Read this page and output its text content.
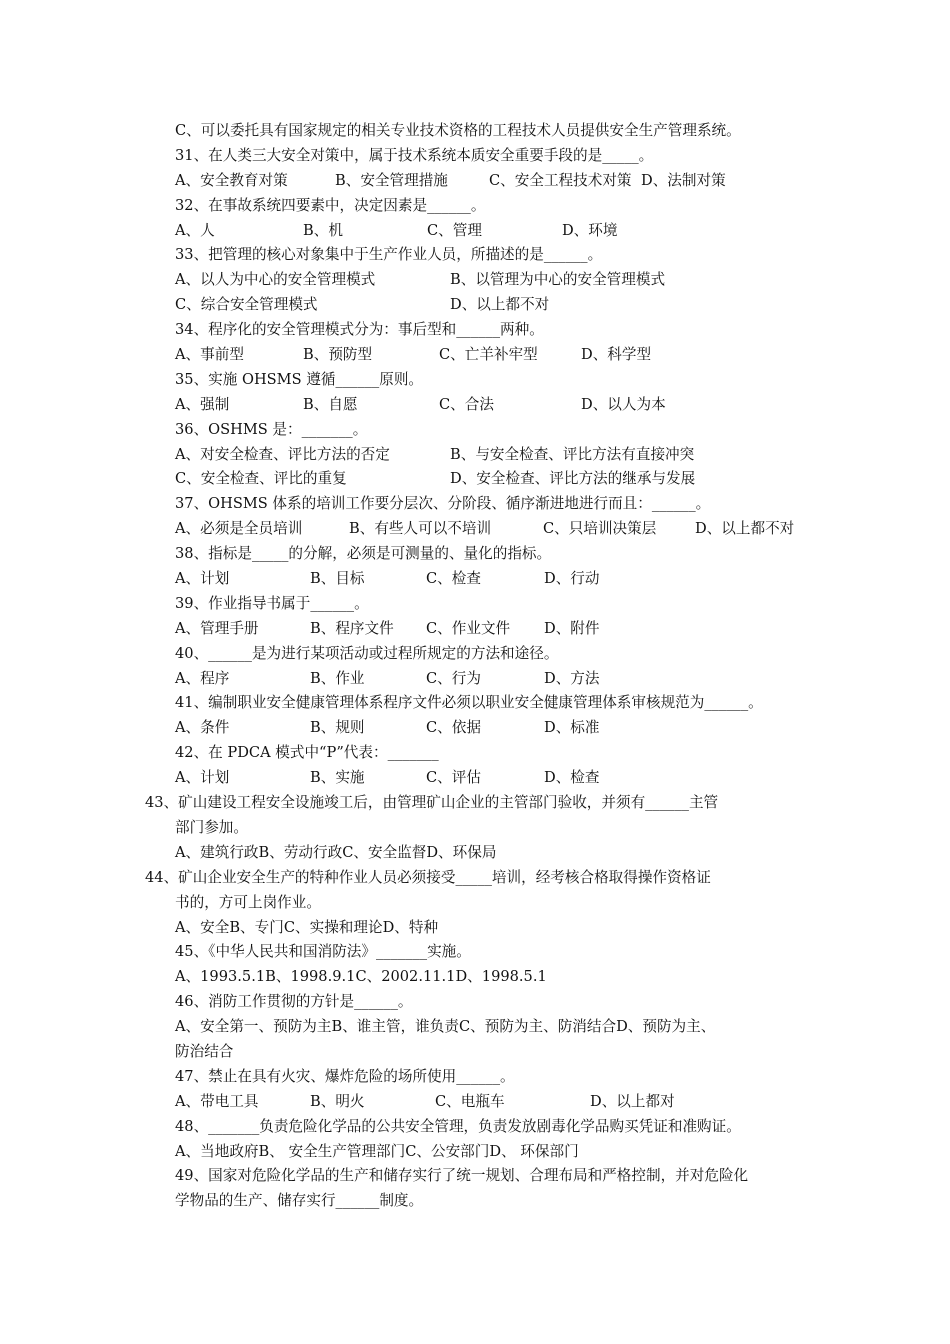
C、可以委托具有国家规定的相关专业技术资格的工程技术人员提供安全生产管理系统。
31、在人类三大安全对策中，属于技术系统本质安全重要手段的是_____。
A、安全教育对策	B、安全管理措施	C、安全工程技术对策 D、法制对策
32、在事故系统四要素中，决定因素是______。
A、人	B、机	C、管理	D、环境
33、把管理的核心对象集中于生产作业人员，所描述的是______。
A、以人为中心的安全管理模式	B、以管理为中心的安全管理模式
C、综合安全管理模式	D、以上都不对
34、程序化的安全管理模式分为：事后型和______两种。
A、事前型	B、预防型	C、亡羊补牢型	D、科学型
35、实施 OHSMS 遵循______原则。
A、强制	B、自愿	C、合法	D、以人为本
36、OSHMS 是：_______。
A、对安全检查、评比方法的否定	B、与安全检查、评比方法有直接冲突
C、安全检查、评比的重复	D、安全检查、评比方法的继承与发展
37、OHSMS 体系的培训工作要分层次、分阶段、循序渐进地进行而且：______。
A、必须是全员培训	B、有些人可以不培训	C、只培训决策层	D、以上都不对
38、指标是_____的分解，必须是可测量的、量化的指标。
A、计划	B、目标	C、检查	D、行动
39、作业指导书属于______。
A、管理手册	B、程序文件	C、作业文件	D、附件
40、______是为进行某项活动或过程所规定的方法和途径。
A、程序	B、作业	C、行为	D、方法
41、编制职业安全健康管理体系程序文件必须以职业安全健康管理体系审核规范为______。
A、条件	B、规则	C、依据	D、标准
42、在 PDCA 模式中“P”代表：_______
A、计划	B、实施	C、评估	D、检查
43、矿山建设工程安全设施竣工后，由管理矿山企业的主管部门验收，并须有______主管
部门参加。
A、建筑行政 B、劳动行政 C、安全监督 D、环保局
44、矿山企业安全生产的特种作业人员必须接受_____培训，经考核合格取得操作资格证
书的，方可上岗作业。
A、安全 B、专门 C、实操和理论 D、特种
45、《中华人民共和国消防法》_______实施。
A、1993.5.1 B、1998.9.1 C、2002.11.1 D、1998.5.1
46、消防工作贯彻的方针是______。
A、安全第一、预防为主 B、谁主管，谁负责 C、预防为主、防消结合 D、预防为主、
防治结合
47、禁止在具有火灾、爆炸危险的场所使用______。
A、带电工具	B、明火	C、电瓶车	D、以上都对
48、_______负责危险化学品的公共安全管理，负责发放剧毒化学品购买凭证和准购证。
A、当地政府 B、 安全生产管理部门 C、公安部门 D、 环保部门
49、国家对危险化学品的生产和储存实行了统一规划、合理布局和严格控制，并对危险化
学物品的生产、储存实行______制度。
